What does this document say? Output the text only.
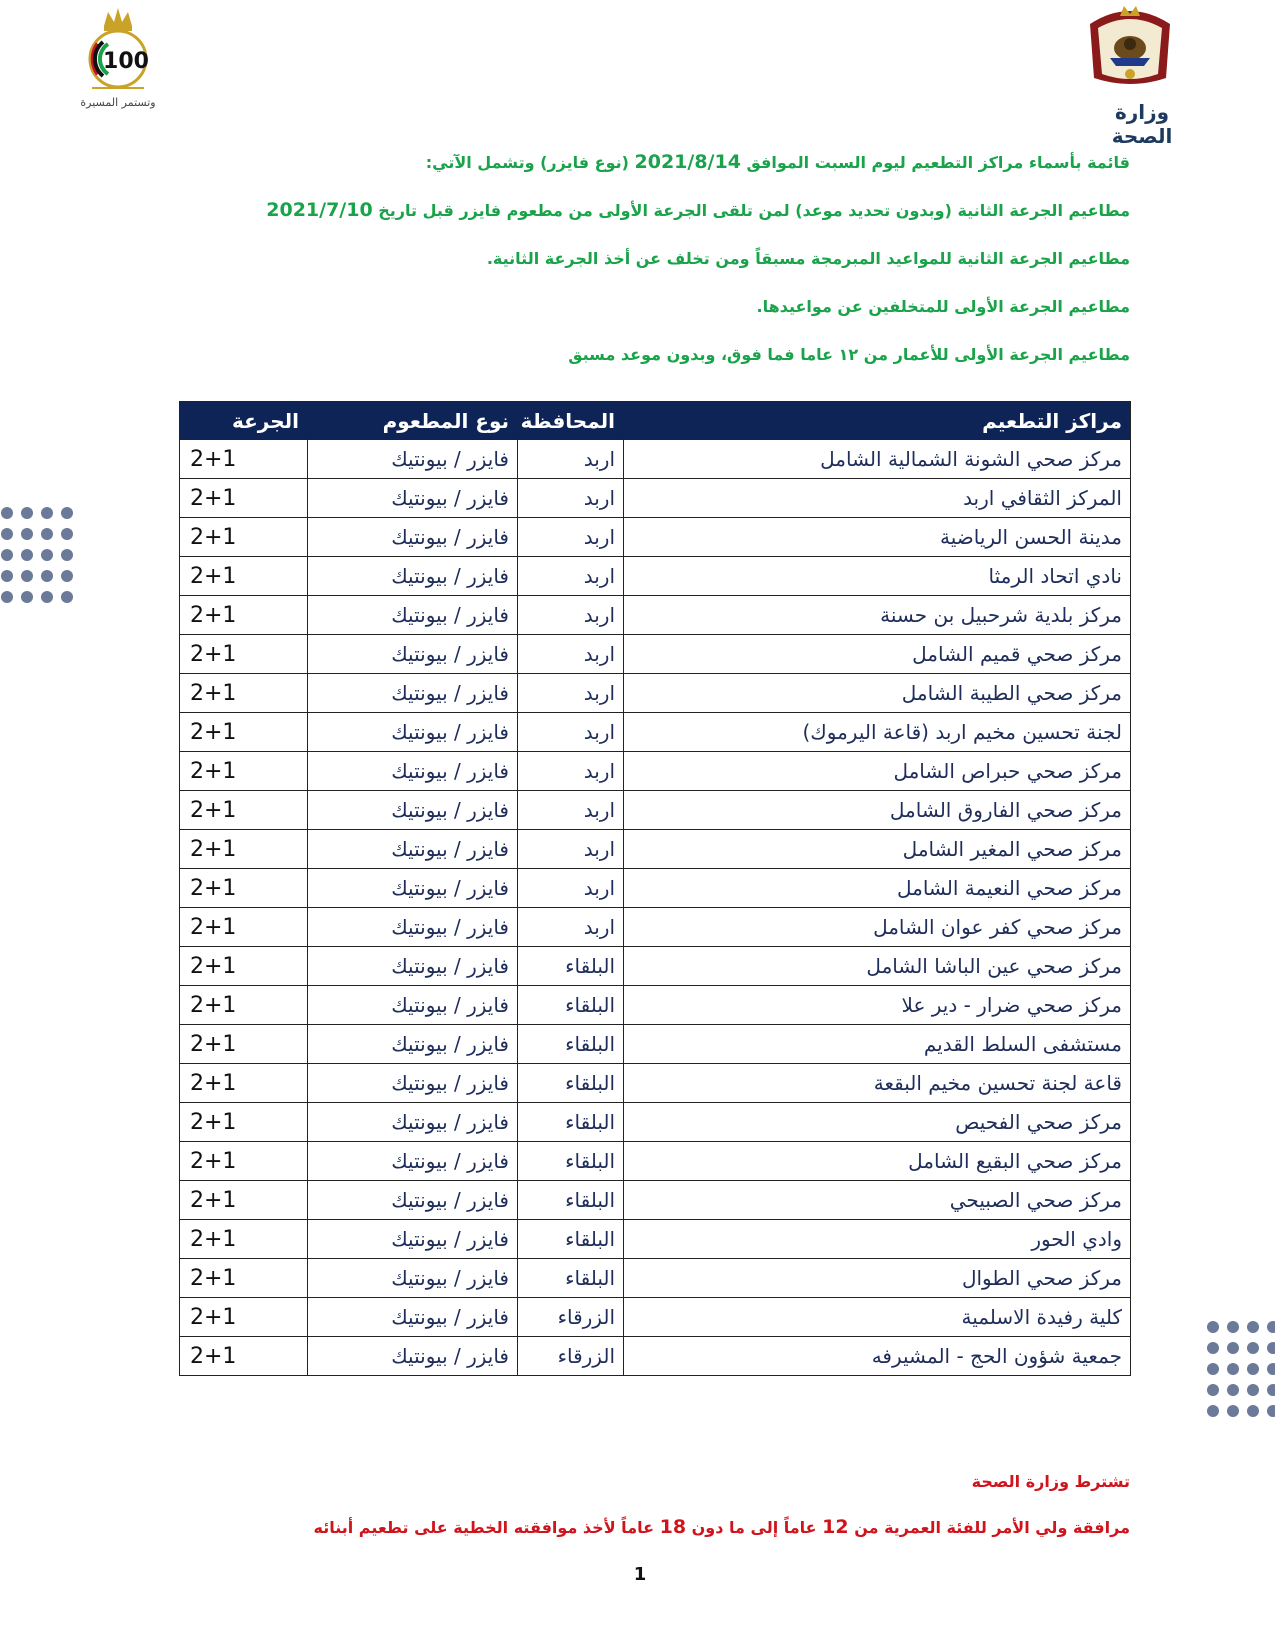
100
وتستمر المسيرة	وزارة الصحة

قائمة بأسماء مراكز التطعيم ليوم السبت الموافق 2021/8/14 (نوع فايزر) وتشمل الآتي:

مطاعيم الجرعة الثانية (وبدون تحديد موعد) لمن تلقى الجرعة الأولى من مطعوم فايزر قبل تاريخ 2021/7/10

مطاعيم الجرعة الثانية للمواعيد المبرمجة مسبقاً ومن تخلف عن أخذ الجرعة الثانية.

مطاعيم الجرعة الأولى للمتخلفين عن مواعيدها.

مطاعيم الجرعة الأولى للأعمار من ١٢ عاما فما فوق، وبدون موعد مسبق

مراكز التطعيم	المحافظة	نوع المطعوم	الجرعة
مركز صحي الشونة الشمالية الشامل	اربد	فايزر / بيونتيك	2+1
المركز الثقافي اربد	اربد	فايزر / بيونتيك	2+1
مدينة الحسن الرياضية	اربد	فايزر / بيونتيك	2+1
نادي اتحاد الرمثا	اربد	فايزر / بيونتيك	2+1
مركز بلدية شرحبيل بن حسنة	اربد	فايزر / بيونتيك	2+1
مركز صحي قميم الشامل	اربد	فايزر / بيونتيك	2+1
مركز صحي الطيبة الشامل	اربد	فايزر / بيونتيك	2+1
لجنة تحسين مخيم اربد (قاعة اليرموك)	اربد	فايزر / بيونتيك	2+1
مركز صحي حبراص الشامل	اربد	فايزر / بيونتيك	2+1
مركز صحي الفاروق الشامل	اربد	فايزر / بيونتيك	2+1
مركز صحي المغير الشامل	اربد	فايزر / بيونتيك	2+1
مركز صحي النعيمة الشامل	اربد	فايزر / بيونتيك	2+1
مركز صحي كفر عوان الشامل	اربد	فايزر / بيونتيك	2+1
مركز صحي عين الباشا الشامل	البلقاء	فايزر / بيونتيك	2+1
مركز صحي ضرار - دير علا	البلقاء	فايزر / بيونتيك	2+1
مستشفى السلط القديم	البلقاء	فايزر / بيونتيك	2+1
قاعة لجنة تحسين مخيم البقعة	البلقاء	فايزر / بيونتيك	2+1
مركز صحي الفحيص	البلقاء	فايزر / بيونتيك	2+1
مركز صحي البقيع الشامل	البلقاء	فايزر / بيونتيك	2+1
مركز صحي الصبيحي	البلقاء	فايزر / بيونتيك	2+1
وادي الحور	البلقاء	فايزر / بيونتيك	2+1
مركز صحي الطوال	البلقاء	فايزر / بيونتيك	2+1
كلية رفيدة الاسلمية	الزرقاء	فايزر / بيونتيك	2+1
جمعية شؤون الحج - المشيرفه	الزرقاء	فايزر / بيونتيك	2+1
تشترط وزارة الصحة
مرافقة ولي الأمر للفئة العمرية من 12 عاماً إلى ما دون 18 عاماً لأخذ موافقته الخطية على تطعيم أبنائه
1
